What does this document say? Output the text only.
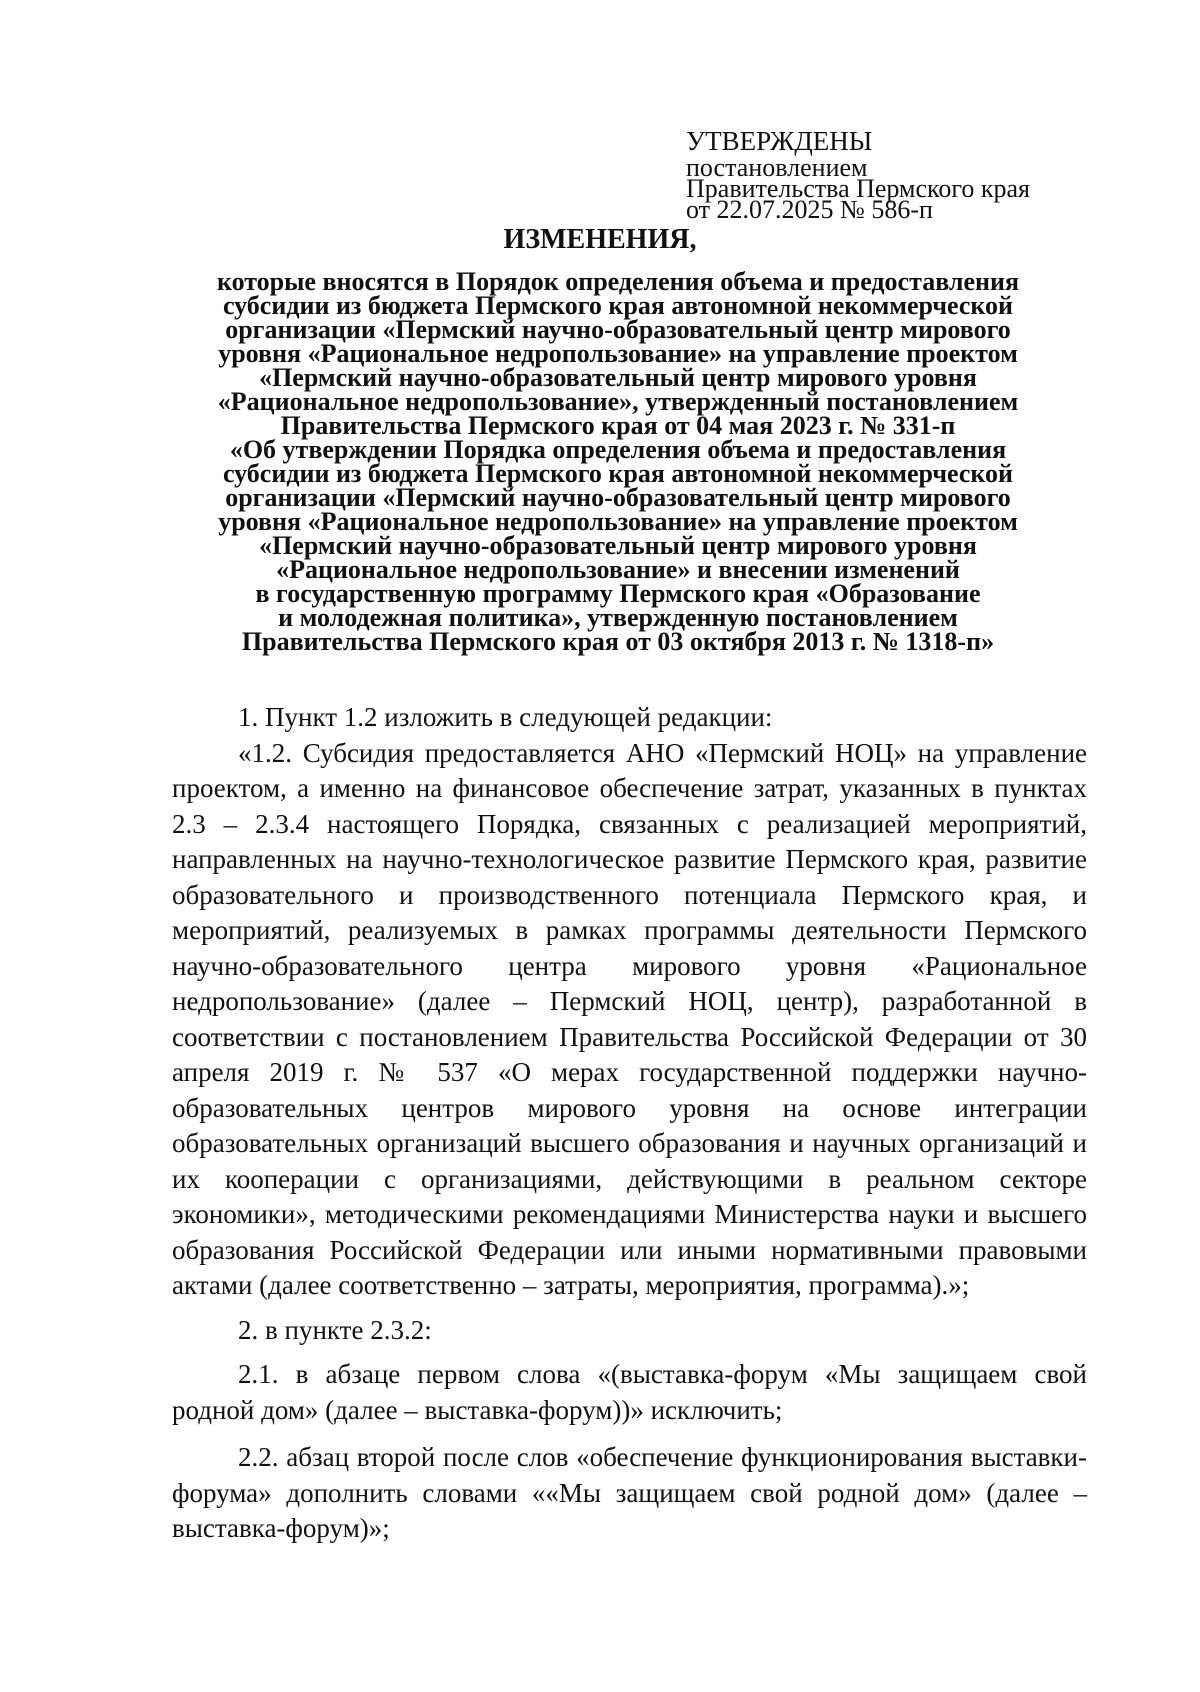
УТВЕРЖДЕНЫ
постановлением
Правительства Пермского края
от 22.07.2025 № 586-п
ИЗМЕНЕНИЯ,
которые вносятся в Порядок определения объема и предоставления
субсидии из бюджета Пермского края автономной некоммерческой
организации «Пермский научно-образовательный центр мирового
уровня «Рациональное недропользование» на управление проектом
«Пермский научно-образовательный центр мирового уровня
«Рациональное недропользование», утвержденный постановлением
Правительства Пермского края от 04 мая 2023 г. № 331-п
«Об утверждении Порядка определения объема и предоставления
субсидии из бюджета Пермского края автономной некоммерческой
организации «Пермский научно-образовательный центр мирового
уровня «Рациональное недропользование» на управление проектом
«Пермский научно-образовательный центр мирового уровня
«Рациональное недропользование» и внесении изменений
в государственную программу Пермского края «Образование
и молодежная политика», утвержденную постановлением
Правительства Пермского края от 03 октября 2013 г. № 1318-п»

1. Пункт 1.2 изложить в следующей редакции:

«1.2. Субсидия предоставляется АНО «Пермский НОЦ» на управление проектом, а именно на финансовое обеспечение затрат, указанных в пунктах 2.3 – 2.3.4 настоящего Порядка, связанных с реализацией мероприятий, направленных на научно-технологическое развитие Пермского края, развитие образовательного и производственного потенциала Пермского края, и мероприятий, реализуемых в рамках программы деятельности Пермского научно-образовательного центра мирового уровня «Рациональное недропользование» (далее – Пермский НОЦ, центр), разработанной в соответствии с постановлением Правительства Российской Федерации от 30 апреля 2019 г. № 537 «О мерах государственной поддержки научно-образовательных центров мирового уровня на основе интеграции образовательных организаций высшего образования и научных организаций и их кооперации с организациями, действующими в реальном секторе экономики», методическими рекомендациями Министерства науки и высшего образования Российской Федерации или иными нормативными правовыми актами (далее соответственно – затраты, мероприятия, программа).»;

2. в пункте 2.3.2:

2.1. в абзаце первом слова «(выставка-форум «Мы защищаем свой родной дом» (далее – выставка-форум))» исключить;

2.2. абзац второй после слов «обеспечение функционирования выставки-форума» дополнить словами ««Мы защищаем свой родной дом» (далее – выставка-форум)»;
